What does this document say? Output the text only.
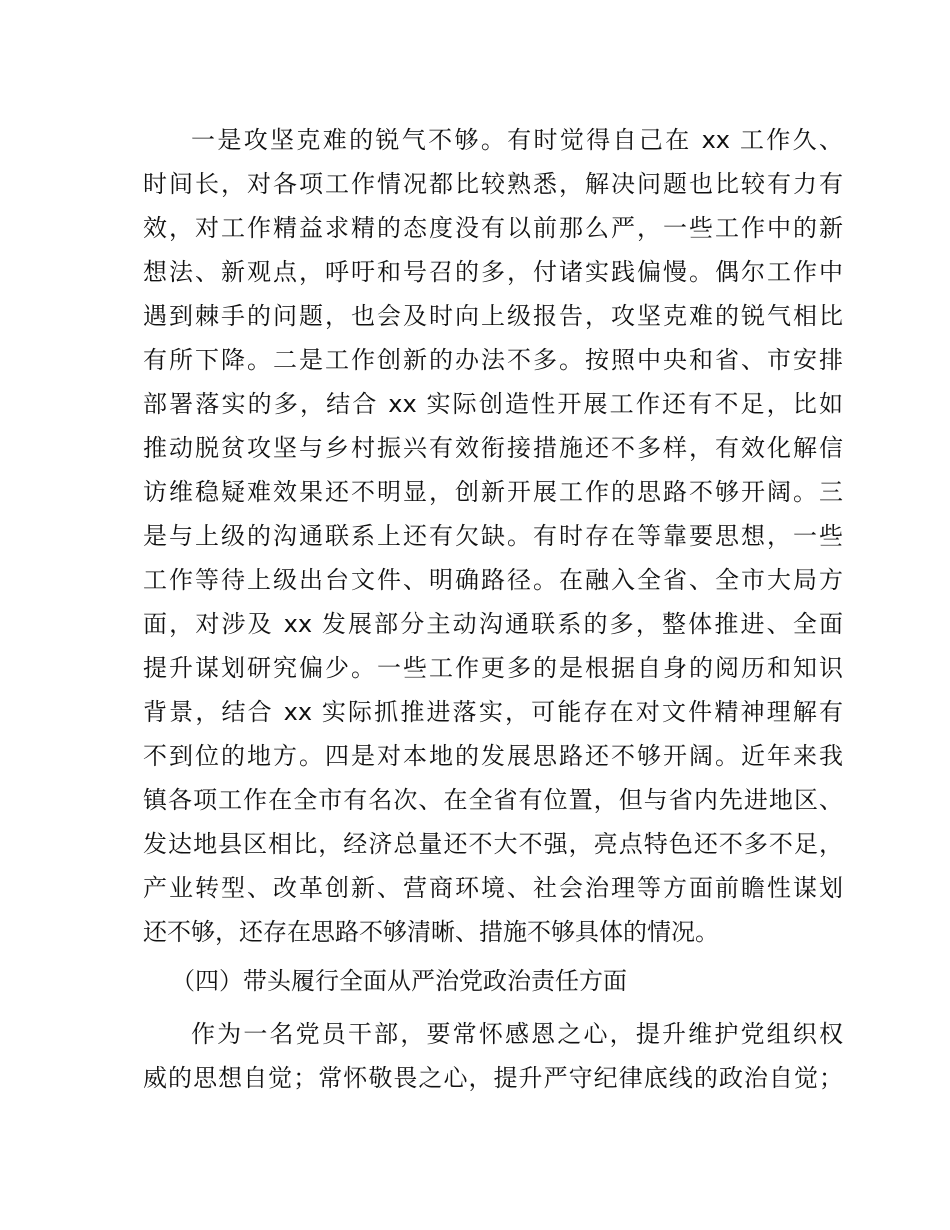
一是攻坚克难的锐气不够。有时觉得自己在 xx 工作久、
时间长，对各项工作情况都比较熟悉，解决问题也比较有力有
效，对工作精益求精的态度没有以前那么严，一些工作中的新
想法、新观点，呼吁和号召的多，付诸实践偏慢。偶尔工作中
遇到棘手的问题，也会及时向上级报告，攻坚克难的锐气相比
有所下降。二是工作创新的办法不多。按照中央和省、市安排
部署落实的多，结合 xx 实际创造性开展工作还有不足，比如
推动脱贫攻坚与乡村振兴有效衔接措施还不多样，有效化解信
访维稳疑难效果还不明显，创新开展工作的思路不够开阔。三
是与上级的沟通联系上还有欠缺。有时存在等靠要思想，一些
工作等待上级出台文件、明确路径。在融入全省、全市大局方
面，对涉及 xx 发展部分主动沟通联系的多，整体推进、全面
提升谋划研究偏少。一些工作更多的是根据自身的阅历和知识
背景，结合 xx 实际抓推进落实，可能存在对文件精神理解有
不到位的地方。四是对本地的发展思路还不够开阔。近年来我
镇各项工作在全市有名次、在全省有位置，但与省内先进地区、
发达地县区相比，经济总量还不大不强，亮点特色还不多不足，
产业转型、改革创新、营商环境、社会治理等方面前瞻性谋划
还不够，还存在思路不够清晰、措施不够具体的情况。
（四）带头履行全面从严治党政治责任方面
作为一名党员干部，要常怀感恩之心，提升维护党组织权
威的思想自觉；常怀敬畏之心，提升严守纪律底线的政治自觉；
